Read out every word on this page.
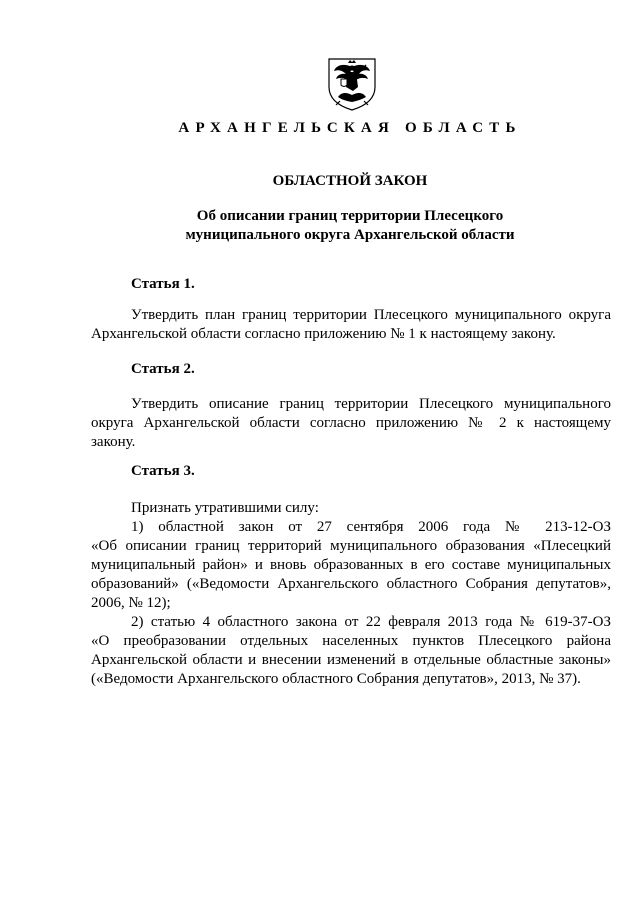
АРХАНГЕЛЬСКАЯ ОБЛАСТЬ
ОБЛАСТНОЙ ЗАКОН
Об описании границ территории Плесецкого
муниципального округа Архангельской области
Статья 1.
Утвердить план границ территории Плесецкого муниципального округа
Архангельской области согласно приложению № 1 к настоящему закону.
Статья 2.
Утвердить описание границ территории Плесецкого муниципального
округа Архангельской области согласно приложению № 2 к настоящему
закону.
Статья 3.
Признать утратившими силу:
1) областной закон от 27 сентября 2006 года № 213-12-ОЗ
«Об описании границ территорий муниципального образования «Плесецкий
муниципальный район» и вновь образованных в его составе муниципальных
образований» («Ведомости Архангельского областного Собрания депутатов»,
2006, № 12);
2) статью 4 областного закона от 22 февраля 2013 года № 619-37-ОЗ
«О преобразовании отдельных населенных пунктов Плесецкого района
Архангельской области и внесении изменений в отдельные областные законы»
(«Ведомости Архангельского областного Собрания депутатов», 2013, № 37).
